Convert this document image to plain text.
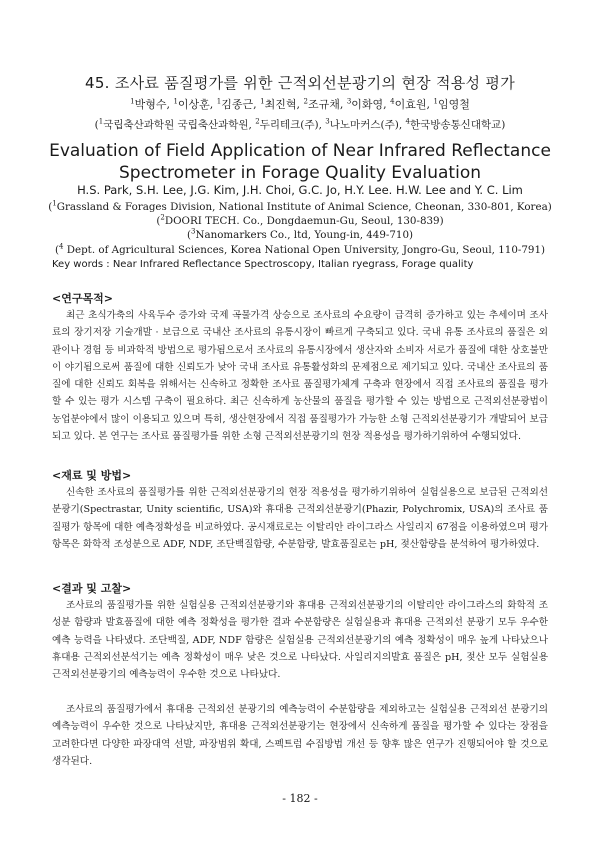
45. 조사료 품질평가를 위한 근적외선분광기의 현장 적용성 평가
$^1$박형수, $^1$이상훈, $^1$김종근, $^1$최진혁, $^2$조규채, $^3$이화영, $^4$이효원, $^1$임영철
($^1$국립축산과학원 국립축산과학원, $^2$두리테크(주), $^3$나노마커스(주), $^4$한국방송통신대학교)
Evaluation of Field Application of Near Infrared Reflectance
Spectrometer in Forage Quality Evaluation
H.S. Park, S.H. Lee, J.G. Kim, J.H. Choi, G.C. Jo, H.Y. Lee. H.W. Lee and Y. C. Lim
($^1$Grassland & Forages Division, National Institute of Animal Science, Cheonan, 330-801, Korea)
($^2$DOORI TECH. Co., Dongdaemun-Gu, Seoul, 130-839)
($^3$Nanomarkers Co., ltd, Young-in, 449-710)
($^4$ Dept. of Agricultural Sciences, Korea National Open University, Jongro-Gu, Seoul, 110-791)
Key words : Near Infrared Reflectance Spectroscopy, Italian ryegrass, Forage quality
<연구목적>
최근 초식가축의 사육두수 증가와 국제 곡물가격 상승으로 조사료의 수요량이 급격히 증가하고 있는 추세이며 조사료의 장기저장 기술개발 · 보급으로 국내산 조사료의 유통시장이 빠르게 구축되고 있다. 국내 유통 조사료의 품질은 외관이나 경험 등 비과학적 방법으로 평가됨으로서 조사료의 유통시장에서 생산자와 소비자 서로가 품질에 대한 상호불만이 야기됨으로써 품질에 대한 신뢰도가 낮아 국내 조사료 유통활성화의 문제점으로 제기되고 있다. 국내산 조사료의 품질에 대한 신뢰도 회복을 위해서는 신속하고 정확한 조사료 품질평가체계 구축과 현장에서 직접 조사료의 품질을 평가할 수 있는 평가 시스템 구축이 필요하다. 최근 신속하게 농산물의 품질을 평가할 수 있는 방법으로 근적외선분광법이 농업분야에서 많이 이용되고 있으며 특히, 생산현장에서 직접 품질평가가 가능한 소형 근적외선분광기가 개발되어 보급되고 있다. 본 연구는 조사료 품질평가를 위한 소형 근적외선분광기의 현장 적용성을 평가하기위하여 수행되었다.
<재료 및 방법>
신속한 조사료의 품질평가를 위한 근적외선분광기의 현장 적용성을 평가하기위하여 실험실용으로 보급된 근적외선분광기(Spectrastar, Unity scientific, USA)와 휴대용 근적외선분광기(Phazir, Polychromix, USA)의 조사료 품질평가 항목에 대한 예측정확성을 비교하였다. 공시재료로는 이탈리안 라이그라스 사일리지 67점을 이용하였으며 평가항목은 화학적 조성분으로 ADF, NDF, 조단백질함량, 수분함량, 발효품질로는 pH, 젖산함량을 분석하여 평가하였다.
<결과 및 고찰>
조사료의 품질평가를 위한 실험실용 근적외선분광기와 휴대용 근적외선분광기의 이탈리안 라이그라스의 화학적 조성분 함량과 발효품질에 대한 예측 정확성을 평가한 결과 수분함량은 실험실용과 휴대용 근적외선 분광기 모두 우수한 예측 능력을 나타냈다. 조단백질, ADF, NDF 함량은 실험실용 근적외선분광기의 예측 정확성이 매우 높게 나타났으나 휴대용 근적외선분석기는 예측 정확성이 매우 낮은 것으로 나타났다. 사일리지의발효 품질은 pH, 젖산 모두 실험실용 근적외선분광기의 예측능력이 우수한 것으로 나타났다.
조사료의 품질평가에서 휴대용 근적외선 분광기의 예측능력이 수분함량을 제외하고는 실험실용 근적외선 분광기의 예측능력이 우수한 것으로 나타났지만, 휴대용 근적외선분광기는 현장에서 신속하게 품질을 평가할 수 있다는 장점을 고려한다면 다양한 파장대역 선발, 파장범위 확대, 스펙트럼 수집방법 개선 등 향후 많은 연구가 진행되어야 할 것으로 생각된다.
- 182 -
